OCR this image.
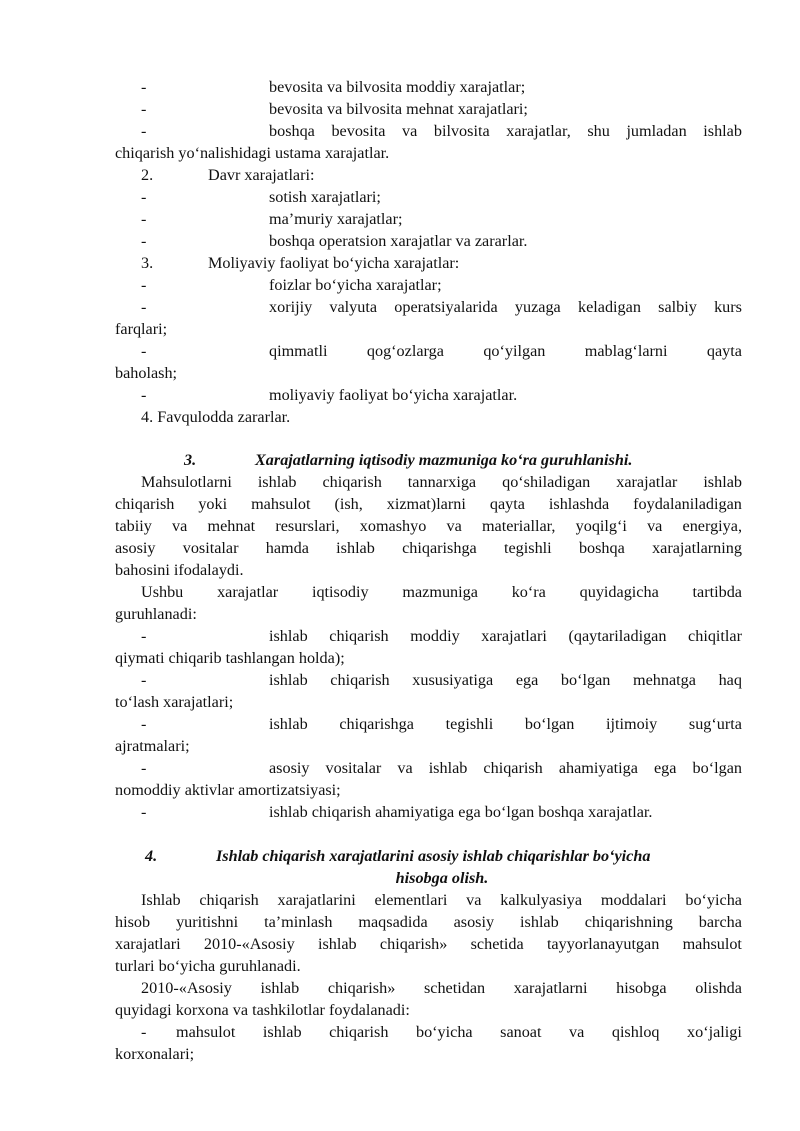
-	bevosita va bilvosita moddiy xarajatlar;
-	bevosita va bilvosita mehnat xarajatlari;
-	boshqa bevosita va bilvosita xarajatlar, shu jumladan ishlab
chiqarish yo‘nalishidagi ustama xarajatlar.
2.	Davr xarajatlari:
-	sotish xarajatlari;
-	ma’muriy xarajatlar;
-	boshqa operatsion xarajatlar va zararlar.
3.	Moliyaviy faoliyat bo‘yicha xarajatlar:
-	foizlar bo‘yicha xarajatlar;
-	xorijiy valyuta operatsiyalarida yuzaga keladigan salbiy kurs
farqlari;
-	qimmatli qog‘ozlarga qo‘yilgan mablag‘larni qayta
baholash;
-	moliyaviy faoliyat bo‘yicha xarajatlar.
4. Favqulodda zararlar.
3.	Xarajatlarning iqtisodiy mazmuniga ko‘ra guruhlanishi.
Mahsulotlarni ishlab chiqarish tannarxiga qo‘shiladigan xarajatlar ishlab
chiqarish yoki mahsulot (ish, xizmat)larni qayta ishlashda foydalaniladigan
tabiiy va mehnat resurslari, xomashyo va materiallar, yoqilg‘i va energiya,
asosiy vositalar hamda ishlab chiqarishga tegishli boshqa xarajatlarning
bahosini ifodalaydi.
Ushbu xarajatlar iqtisodiy mazmuniga ko‘ra quyidagicha tartibda
guruhlanadi:
-	ishlab chiqarish moddiy xarajatlari (qaytariladigan chiqitlar
qiymati chiqarib tashlangan holda);
-	ishlab chiqarish xususiyatiga ega bo‘lgan mehnatga haq
to‘lash xarajatlari;
-	ishlab chiqarishga tegishli bo‘lgan ijtimoiy sug‘urta
ajratmalari;
-	asosiy vositalar va ishlab chiqarish ahamiyatiga ega bo‘lgan
nomoddiy aktivlar amortizatsiyasi;
-	ishlab chiqarish ahamiyatiga ega bo‘lgan boshqa xarajatlar.
4.	Ishlab chiqarish xarajatlarini asosiy ishlab chiqarishlar bo‘yicha
hisobga olish.
Ishlab chiqarish xarajatlarini elementlari va kalkulyasiya moddalari bo‘yicha
hisob yuritishni ta’minlash maqsadida asosiy ishlab chiqarishning barcha
xarajatlari 2010-«Asosiy ishlab chiqarish» schetida tayyorlanayutgan mahsulot
turlari bo‘yicha guruhlanadi.
2010-«Asosiy ishlab chiqarish» schetidan xarajatlarni hisobga olishda
quyidagi korxona va tashkilotlar foydalanadi:
- mahsulot ishlab chiqarish bo‘yicha sanoat va qishloq xo‘jaligi
korxonalari;
